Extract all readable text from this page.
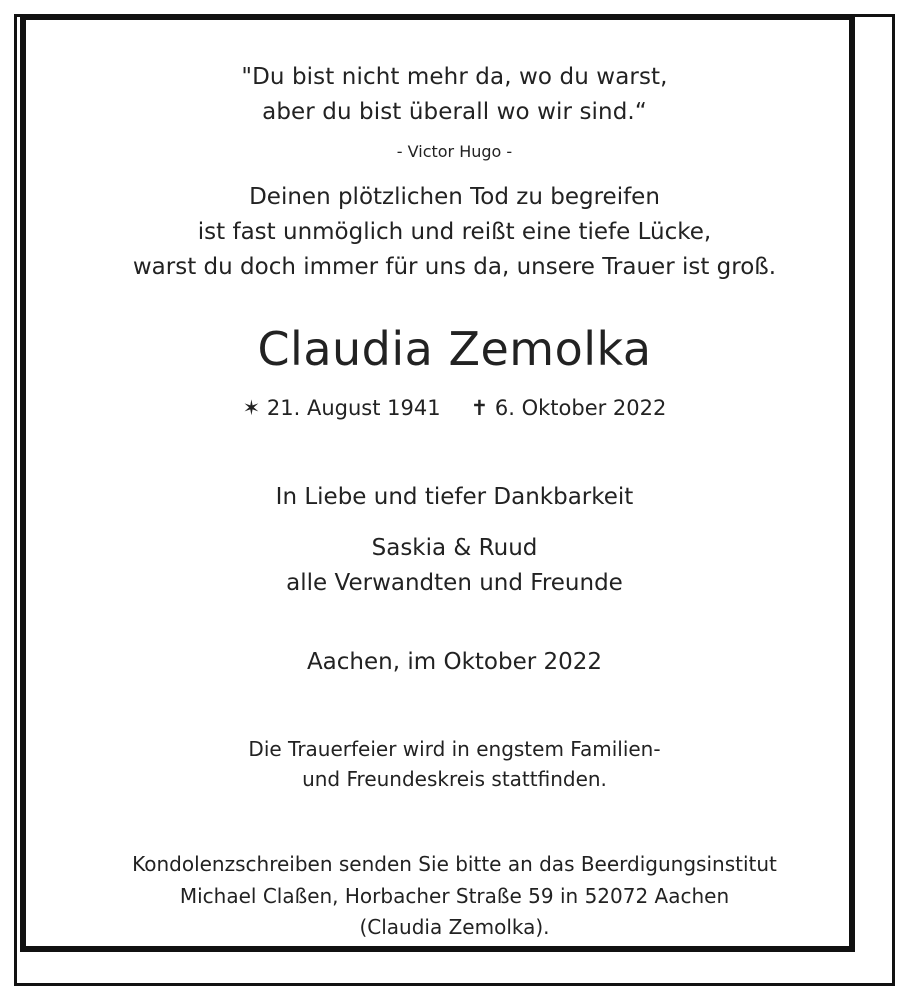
"Du bist nicht mehr da, wo du warst,
aber du bist überall wo wir sind.“
- Victor Hugo -
Deinen plötzlichen Tod zu begreifen
ist fast unmöglich und reißt eine tiefe Lücke,
warst du doch immer für uns da, unsere Trauer ist groß.
Claudia Zemolka
✶ 21. August 1941 ✝ 6. Oktober 2022
In Liebe und tiefer Dankbarkeit
Saskia & Ruud
alle Verwandten und Freunde
Aachen, im Oktober 2022
Die Trauerfeier wird in engstem Familien-
und Freundeskreis stattfinden.
Kondolenzschreiben senden Sie bitte an das Beerdigungsinstitut
Michael Claßen, Horbacher Straße 59 in 52072 Aachen
(Claudia Zemolka).
